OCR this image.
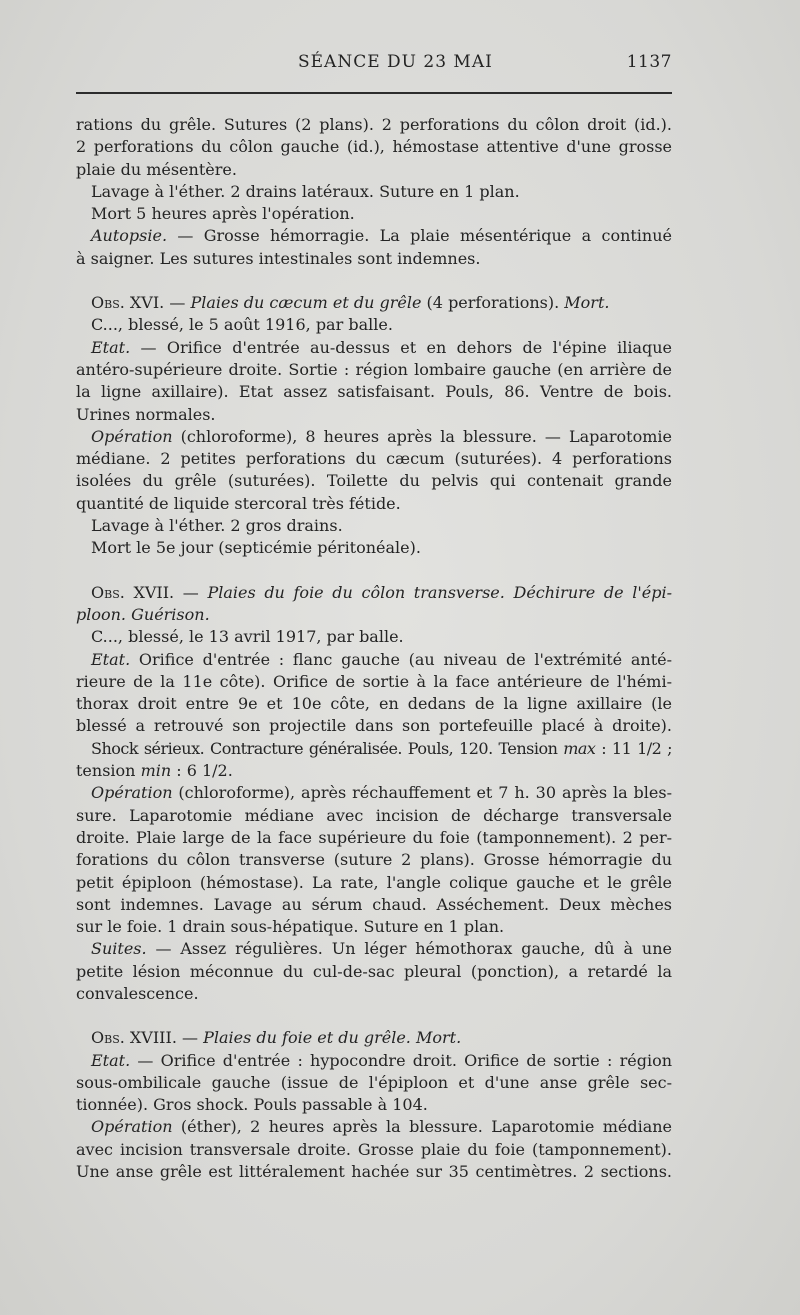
SÉANCE DU 23 MAI	1137
rations du grêle. Sutures (2 plans). 2 perforations du côlon droit (id.).
2 perforations du côlon gauche (id.), hémostase attentive d'une grosse
plaie du mésentère.
Lavage à l'éther. 2 drains latéraux. Suture en 1 plan.
Mort 5 heures après l'opération.
Autopsie. — Grosse hémorragie. La plaie mésentérique a continué
à saigner. Les sutures intestinales sont indemnes.
Obs. XVI. — Plaies du cæcum et du grêle (4 perforations). Mort.
C..., blessé, le 5 août 1916, par balle.
Etat. — Orifice d'entrée au-dessus et en dehors de l'épine iliaque
antéro-supérieure droite. Sortie : région lombaire gauche (en arrière de
la ligne axillaire). Etat assez satisfaisant. Pouls, 86. Ventre de bois.
Urines normales.
Opération (chloroforme), 8 heures après la blessure. — Laparotomie
médiane. 2 petites perforations du cæcum (suturées). 4 perforations
isolées du grêle (suturées). Toilette du pelvis qui contenait grande
quantité de liquide stercoral très fétide.
Lavage à l'éther. 2 gros drains.
Mort le 5e jour (septicémie péritonéale).
Obs. XVII. — Plaies du foie du côlon transverse. Déchirure de l'épi-
ploon. Guérison.
C..., blessé, le 13 avril 1917, par balle.
Etat. Orifice d'entrée : flanc gauche (au niveau de l'extrémité anté-
rieure de la 11e côte). Orifice de sortie à la face antérieure de l'hémi-
thorax droit entre 9e et 10e côte, en dedans de la ligne axillaire (le
blessé a retrouvé son projectile dans son portefeuille placé à droite).
Shock sérieux. Contracture généralisée. Pouls, 120. Tension max : 11 1/2 ;
tension min : 6 1/2.
Opération (chloroforme), après réchauffement et 7 h. 30 après la bles-
sure. Laparotomie médiane avec incision de décharge transversale
droite. Plaie large de la face supérieure du foie (tamponnement). 2 per-
forations du côlon transverse (suture 2 plans). Grosse hémorragie du
petit épiploon (hémostase). La rate, l'angle colique gauche et le grêle
sont indemnes. Lavage au sérum chaud. Asséchement. Deux mèches
sur le foie. 1 drain sous-hépatique. Suture en 1 plan.
Suites. — Assez régulières. Un léger hémothorax gauche, dû à une
petite lésion méconnue du cul-de-sac pleural (ponction), a retardé la
convalescence.
Obs. XVIII. — Plaies du foie et du grêle. Mort.
Etat. — Orifice d'entrée : hypocondre droit. Orifice de sortie : région
sous-ombilicale gauche (issue de l'épiploon et d'une anse grêle sec-
tionnée). Gros shock. Pouls passable à 104.
Opération (éther), 2 heures après la blessure. Laparotomie médiane
avec incision transversale droite. Grosse plaie du foie (tamponnement).
Une anse grêle est littéralement hachée sur 35 centimètres. 2 sections.
